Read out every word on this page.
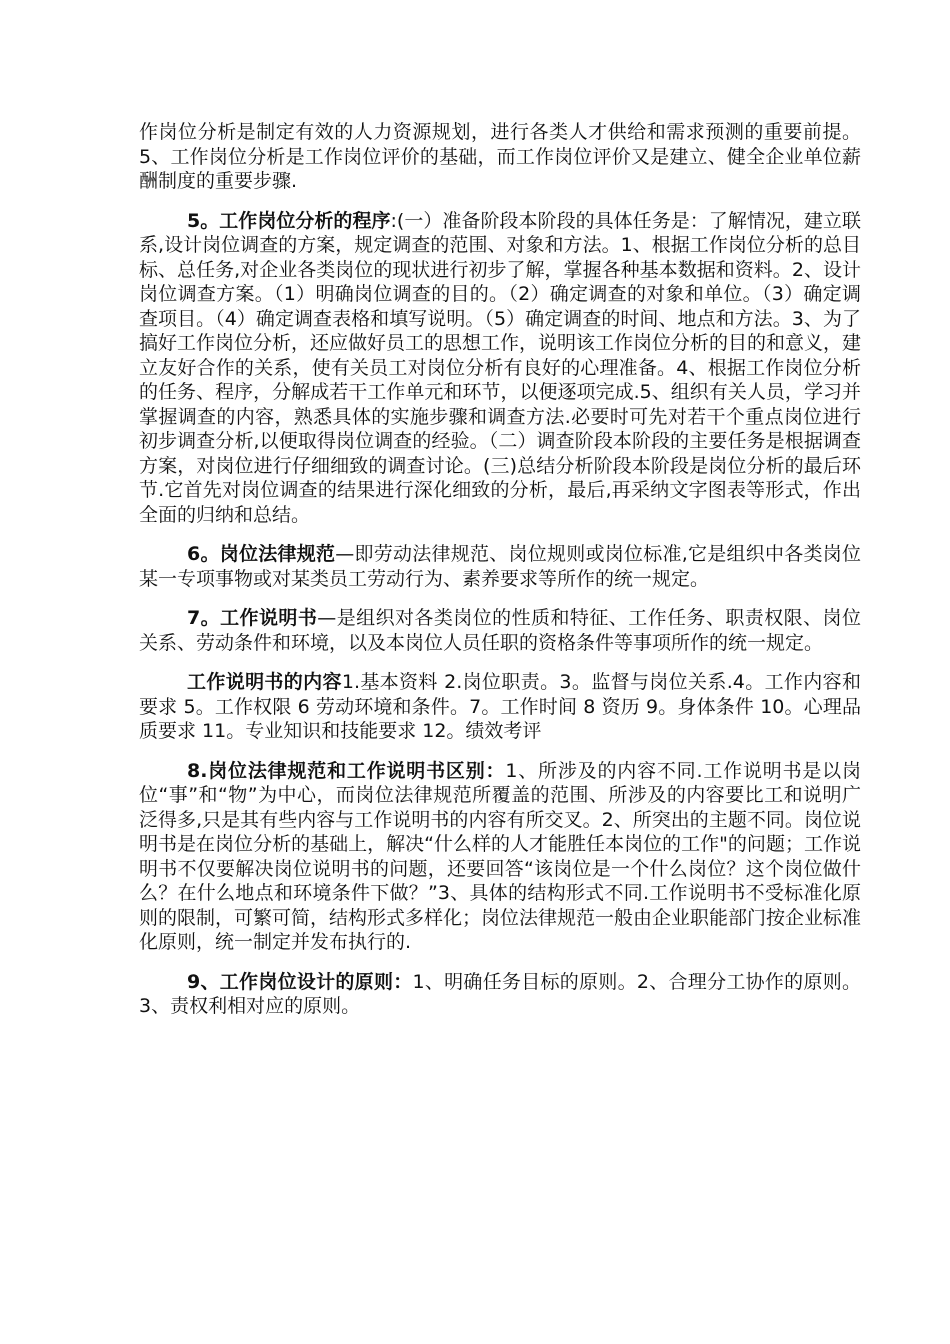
作岗位分析是制定有效的人力资源规划，进行各类人才供给和需求预测的重要前提。5、工作岗位分析是工作岗位评价的基础，而工作岗位评价又是建立、健全企业单位薪酬制度的重要步骤.

5。工作岗位分析的程序:(一）准备阶段本阶段的具体任务是：了解情况，建立联系,设计岗位调查的方案，规定调查的范围、对象和方法。1、根据工作岗位分析的总目标、总任务,对企业各类岗位的现状进行初步了解，掌握各种基本数据和资料。2、设计岗位调查方案。（1）明确岗位调查的目的。（2）确定调查的对象和单位。（3）确定调查项目。（4）确定调查表格和填写说明。（5）确定调查的时间、地点和方法。3、为了搞好工作岗位分析，还应做好员工的思想工作，说明该工作岗位分析的目的和意义，建立友好合作的关系，使有关员工对岗位分析有良好的心理准备。4、根据工作岗位分析的任务、程序，分解成若干工作单元和环节，以便逐项完成.5、组织有关人员，学习并掌握调查的内容，熟悉具体的实施步骤和调查方法.必要时可先对若干个重点岗位进行初步调查分析,以便取得岗位调查的经验。（二）调查阶段本阶段的主要任务是根据调查方案，对岗位进行仔细细致的调查讨论。(三)总结分析阶段本阶段是岗位分析的最后环节.它首先对岗位调查的结果进行深化细致的分析，最后,再采纳文字图表等形式，作出全面的归纳和总结。

6。岗位法律规范—即劳动法律规范、岗位规则或岗位标准,它是组织中各类岗位某一专项事物或对某类员工劳动行为、素养要求等所作的统一规定。

7。工作说明书—是组织对各类岗位的性质和特征、工作任务、职责权限、岗位关系、劳动条件和环境，以及本岗位人员任职的资格条件等事项所作的统一规定。

工作说明书的内容1.基本资料 2.岗位职责。3。监督与岗位关系.4。工作内容和要求 5。工作权限 6 劳动环境和条件。7。工作时间 8 资历 9。身体条件 10。心理品质要求 11。专业知识和技能要求 12。绩效考评

8.岗位法律规范和工作说明书区别：1、所涉及的内容不同.工作说明书是以岗位“事”和“物”为中心，而岗位法律规范所覆盖的范围、所涉及的内容要比工和说明广泛得多,只是其有些内容与工作说明书的内容有所交叉。2、所突出的主题不同。岗位说明书是在岗位分析的基础上，解决“什么样的人才能胜任本岗位的工作"的问题；工作说明书不仅要解决岗位说明书的问题，还要回答“该岗位是一个什么岗位？这个岗位做什么？在什么地点和环境条件下做？”3、具体的结构形式不同.工作说明书不受标准化原则的限制，可繁可简，结构形式多样化；岗位法律规范一般由企业职能部门按企业标准化原则，统一制定并发布执行的.

9、工作岗位设计的原则：1、明确任务目标的原则。2、合理分工协作的原则。3、责权利相对应的原则。
